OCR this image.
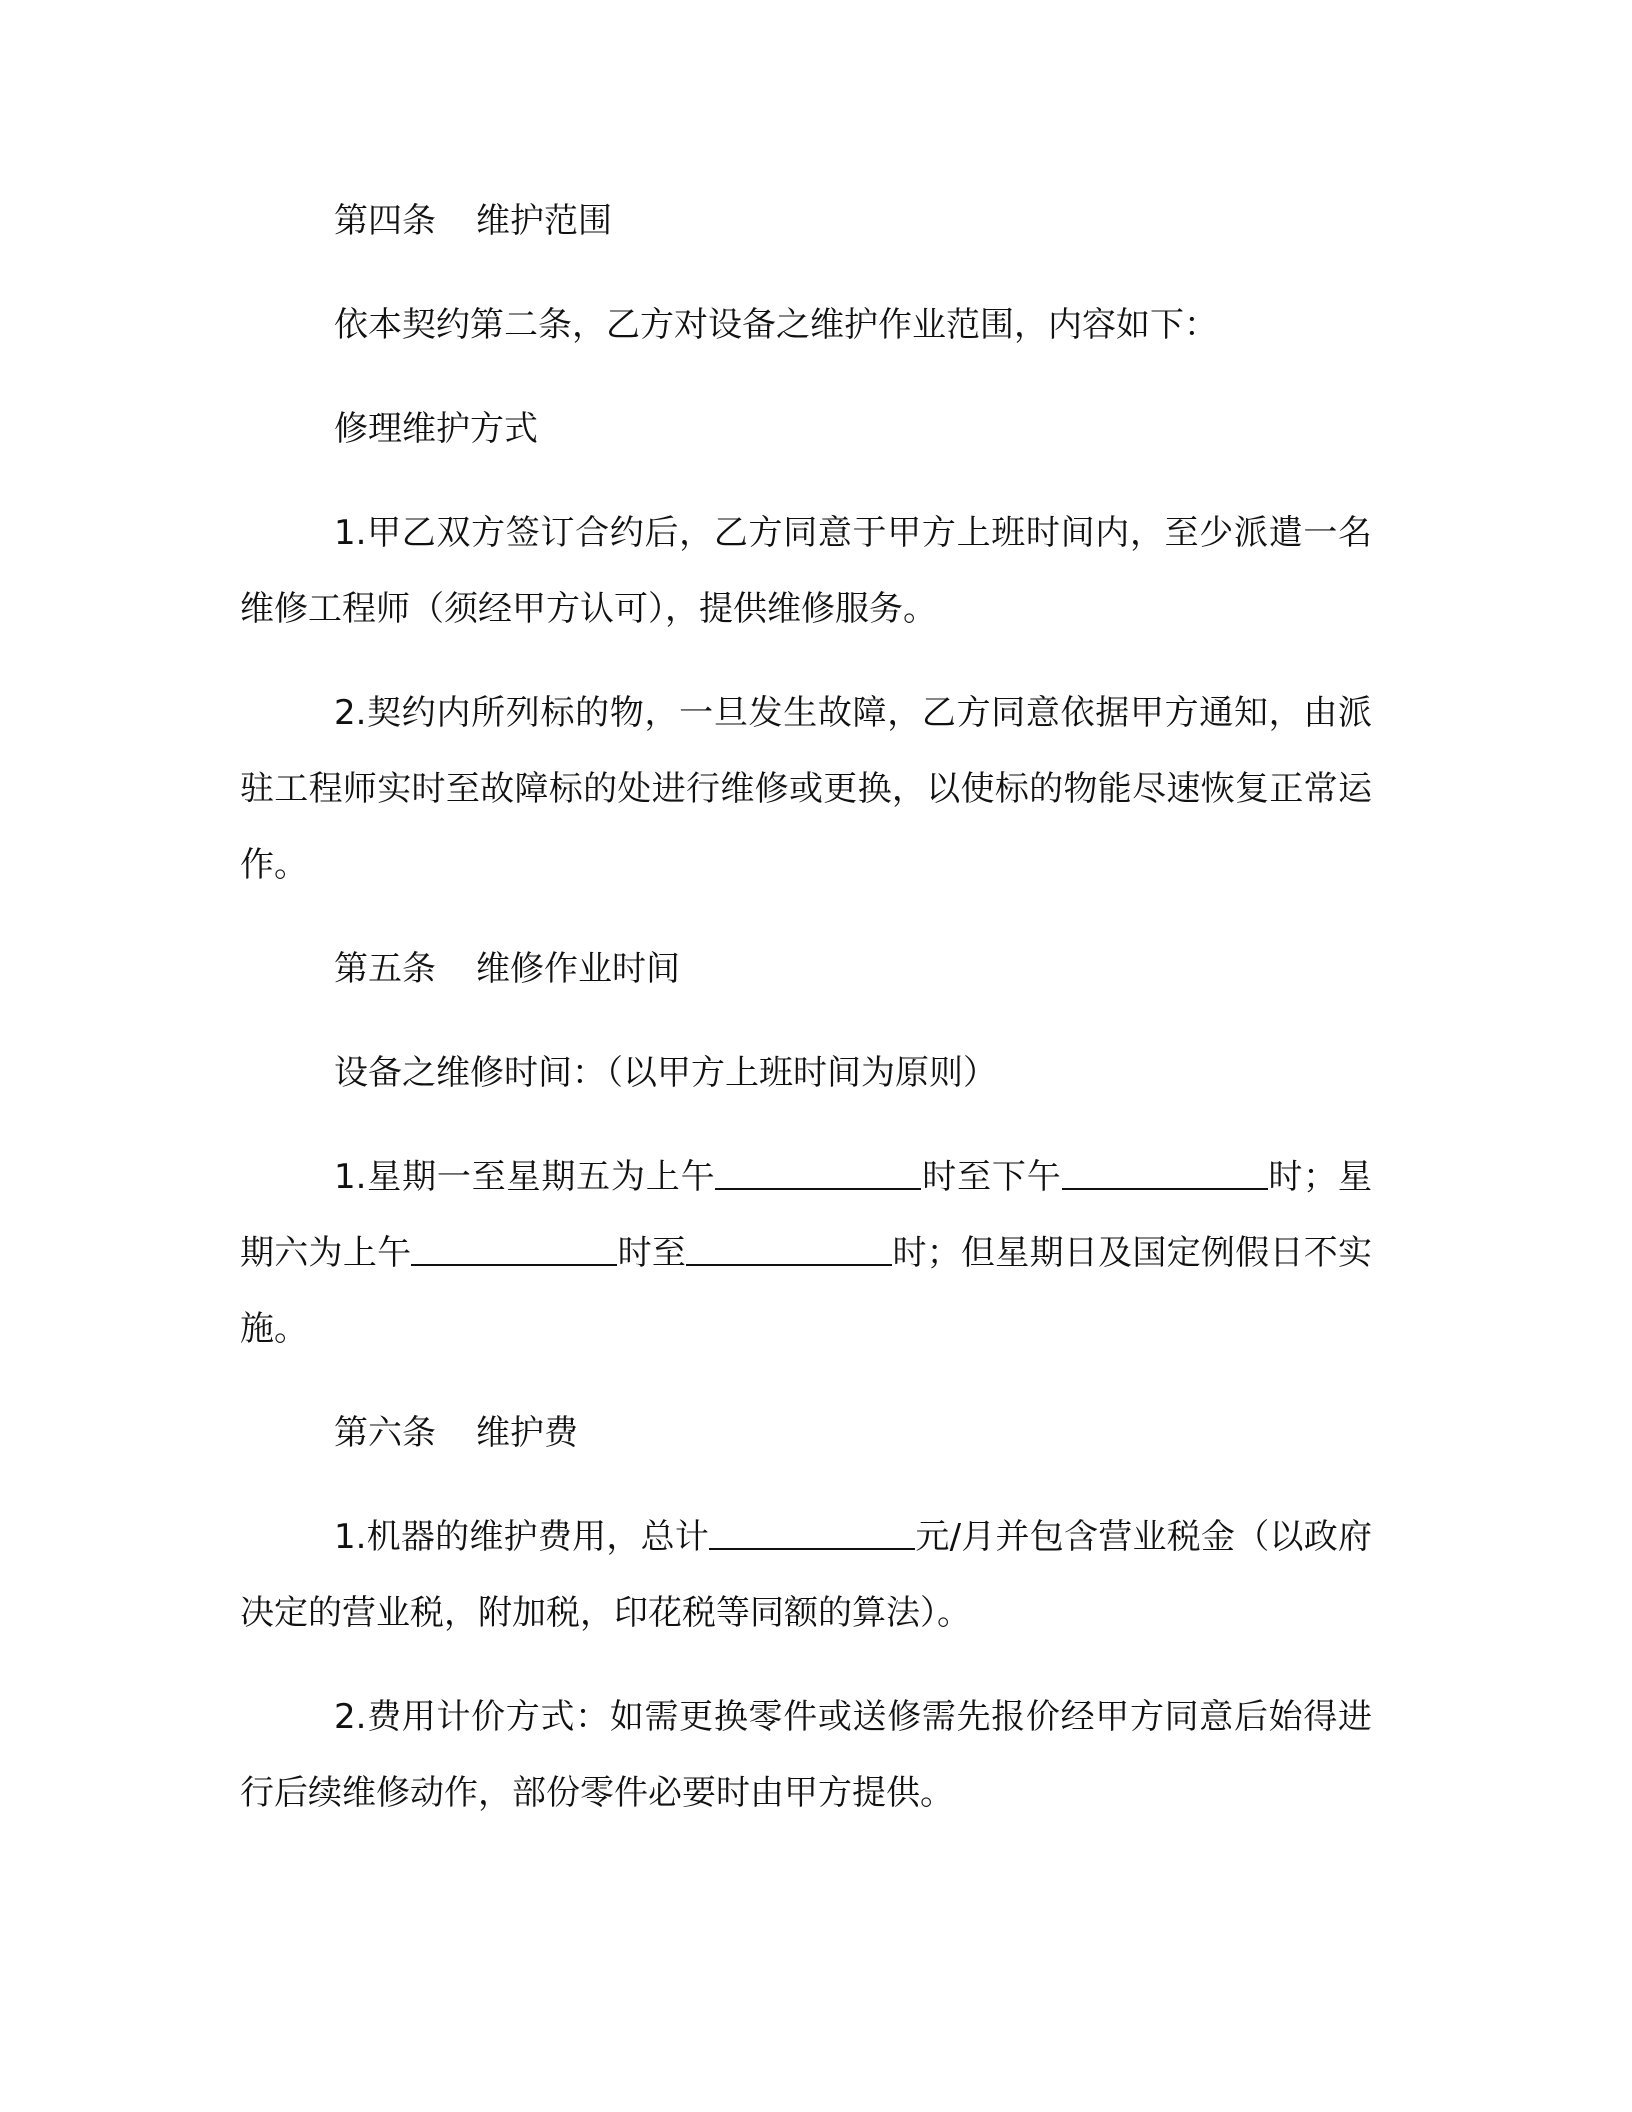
第四条 维护范围
依本契约第二条，乙方对设备之维护作业范围，内容如下：
修理维护方式
1.甲乙双方签订合约后，乙方同意于甲方上班时间内，至少派遣一名维修工程师（须经甲方认可），提供维修服务。
2.契约内所列标的物，一旦发生故障，乙方同意依据甲方通知，由派驻工程师实时至故障标的处进行维修或更换，以使标的物能尽速恢复正常运作。
第五条 维修作业时间
设备之维修时间：（以甲方上班时间为原则）
1.星期一至星期五为上午	时至下午	时；星期六为上午	时至	时；但星期日及国定例假日不实施。
第六条 维护费
1.机器的维护费用，总计	元/月并包含营业税金（以政府决定的营业税，附加税，印花税等同额的算法）。
2.费用计价方式：如需更换零件或送修需先报价经甲方同意后始得进行后续维修动作，部份零件必要时由甲方提供。
